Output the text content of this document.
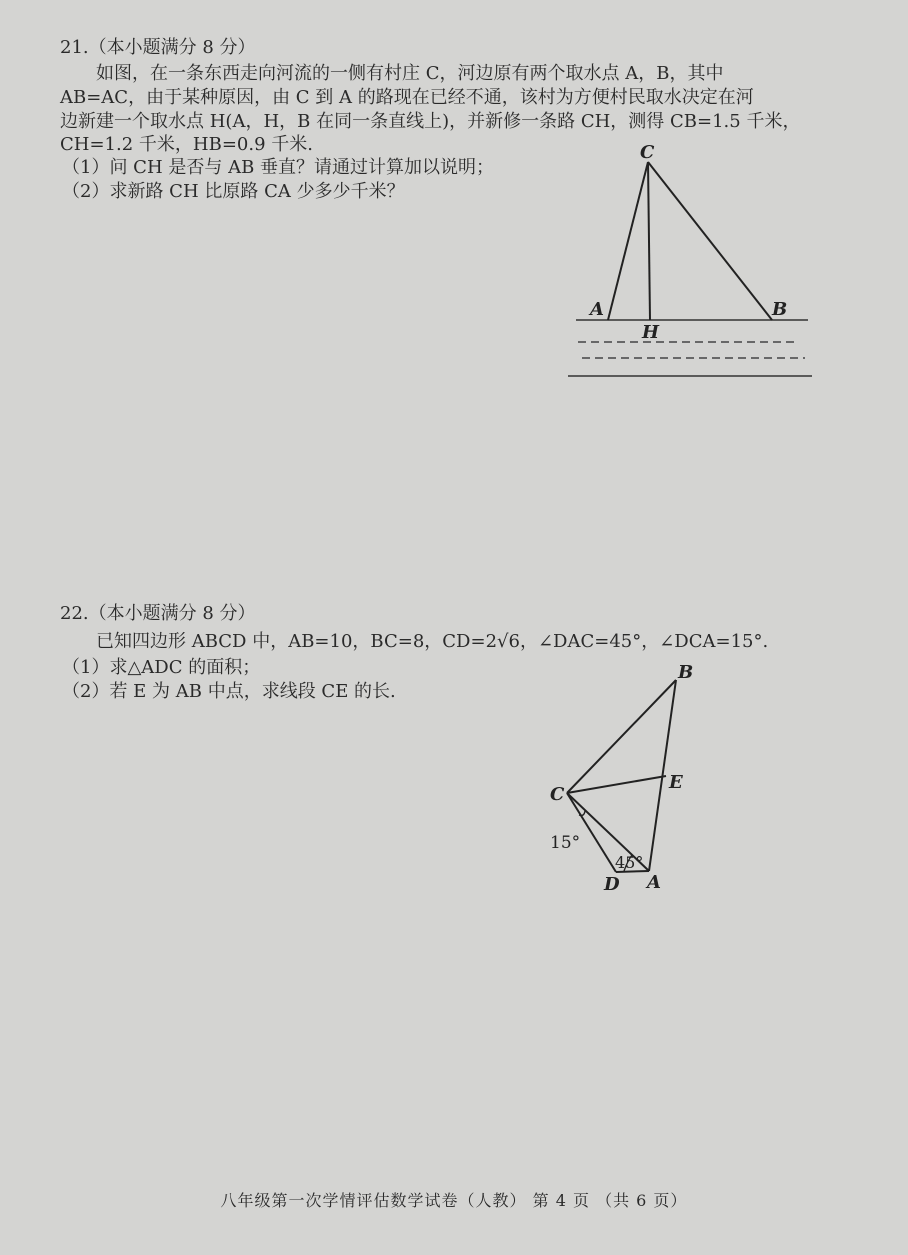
21.（本小题满分 8 分）
如图，在一条东西走向河流的一侧有村庄 C，河边原有两个取水点 A，B，其中
AB=AC，由于某种原因，由 C 到 A 的路现在已经不通，该村为方便村民取水决定在河
边新建一个取水点 H(A，H，B 在同一条直线上)，并新修一条路 CH，测得 CB=1.5 千米，
CH=1.2 千米，HB=0.9 千米.
（1）问 CH 是否与 AB 垂直？请通过计算加以说明；
（2）求新路 CH 比原路 CA 少多少千米？
C
A	B
H
22.（本小题满分 8 分）
已知四边形 ABCD 中，AB=10，BC=8，CD=2√6，∠DAC=45°，∠DCA=15°.
（1）求△ADC 的面积；
（2）若 E 为 AB 中点，求线段 CE 的长.
15°
45°
B
C
E
D A
八年级第一次学情评估数学试卷（人教） 第 4 页 （共 6 页）
